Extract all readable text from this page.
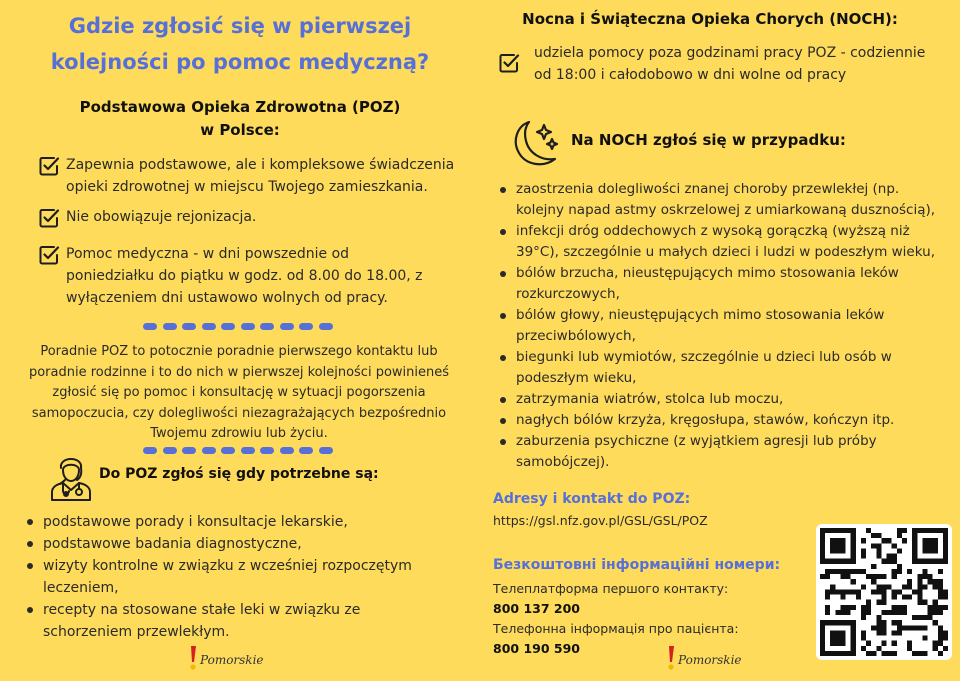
Gdzie zgłosić się w pierwszej
kolejności po pomoc medyczną?
Podstawowa Opieka Zdrowotna (POZ)
w Polsce:
Zapewnia podstawowe, ale i kompleksowe świadczenia
opieki zdrowotnej w miejscu Twojego zamieszkania.
Nie obowiązuje rejonizacja.
Pomoc medyczna - w dni powszednie od
poniedziałku do piątku w godz. od 8.00 do 18.00, z
wyłączeniem dni ustawowo wolnych od pracy.
Poradnie POZ to potocznie poradnie pierwszego kontaktu lub
poradnie rodzinne i to do nich w pierwszej kolejności powinieneś
zgłosić się po pomoc i konsultację w sytuacji pogorszenia
samopoczucia, czy dolegliwości niezagrażających bezpośrednio
Twojemu zdrowiu lub życiu.
Do POZ zgłoś się gdy potrzebne są:
podstawowe porady i konsultacje lekarskie,
podstawowe badania diagnostyczne,
wizyty kontrolne w związku z wcześniej rozpoczętym
leczeniem,
recepty na stosowane stałe leki w związku ze
schorzeniem przewlekłym.
Pomorskie
Nocna i Świąteczna Opieka Chorych (NOCH):
udziela pomocy poza godzinami pracy POZ - codziennie
od 18:00 i całodobowo w dni wolne od pracy
Na NOCH zgłoś się w przypadku:
zaostrzenia dolegliwości znanej choroby przewlekłej (np.
kolejny napad astmy oskrzelowej z umiarkowaną dusznością),
infekcji dróg oddechowych z wysoką gorączką (wyższą niż
39°C), szczególnie u małych dzieci i ludzi w podeszłym wieku,
bólów brzucha, nieustępujących mimo stosowania leków
rozkurczowych,
bólów głowy, nieustępujących mimo stosowania leków
przeciwbólowych,
biegunki lub wymiotów, szczególnie u dzieci lub osób w
podeszłym wieku,
zatrzymania wiatrów, stolca lub moczu,
nagłych bólów krzyża, kręgosłupa, stawów, kończyn itp.
zaburzenia psychiczne (z wyjątkiem agresji lub próby
samobójczej).
Adresy i kontakt do POZ:
https://gsl.nfz.gov.pl/GSL/GSL/POZ
Безкоштовні інформаційні номери:
Телеплатформа першого контакту:
800 137 200
Телефонна інформація про пацієнта:
800 190 590
Pomorskie
